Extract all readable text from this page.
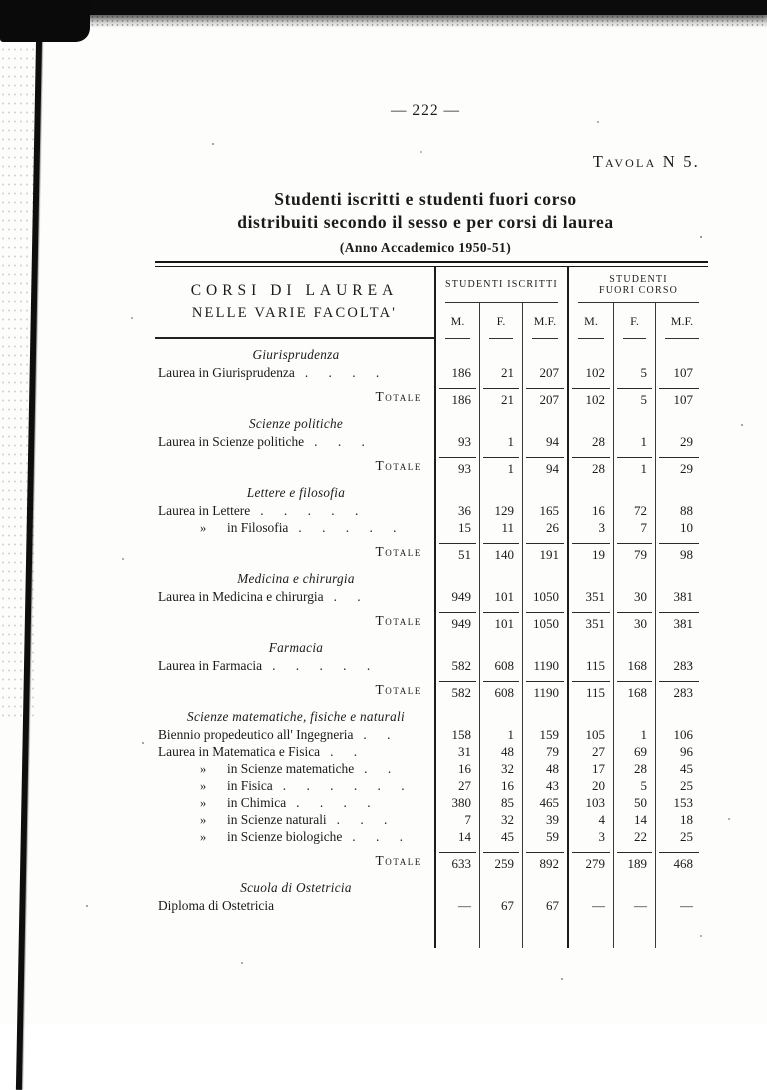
— 222 —
Tavola N 5.
Studenti iscritti e studenti fuori corso
distribuiti secondo il sesso e per corsi di laurea
(Anno Accademico 1950-51)
CORSI DI LAUREA
NELLE VARIE FACOLTA'
STUDENTI ISCRITTI
M.	F.	M.F.
STUDENTI
FUORI CORSO
M.	F.	M.F.
Giurisprudenza
Laurea in Giurisprudenza . . . .	186	21	207	102	5	107
Totale	186	21	207	102	5	107
Scienze politiche
Laurea in Scienze politiche . . .	93	1	94	28	1	29
Totale	93	1	94	28	1	29
Lettere e filosofia
Laurea in Lettere . . . . .	36	129	165	16	72	88
» in Filosofia . . . . .	15	11	26	3	7	10
Totale	51	140	191	19	79	98
Medicina e chirurgia
Laurea in Medicina e chirurgia . .	949	101	1050	351	30	381
Totale	949	101	1050	351	30	381
Farmacia
Laurea in Farmacia . . . . .	582	608	1190	115	168	283
Totale	582	608	1190	115	168	283
Scienze matematiche, fisiche e naturali
Biennio propedeutico all' Ingegneria . .	158	1	159	105	1	106
Laurea in Matematica e Fisica . .	31	48	79	27	69	96
» in Scienze matematiche . .	16	32	48	17	28	45
» in Fisica . . . . . .	27	16	43	20	5	25
» in Chimica . . . .	380	85	465	103	50	153
» in Scienze naturali . . .	7	32	39	4	14	18
» in Scienze biologiche . . .	14	45	59	3	22	25
Totale	633	259	892	279	189	468
Scuola di Ostetricia
Diploma di Ostetricia	—	67	67	—	—	—
